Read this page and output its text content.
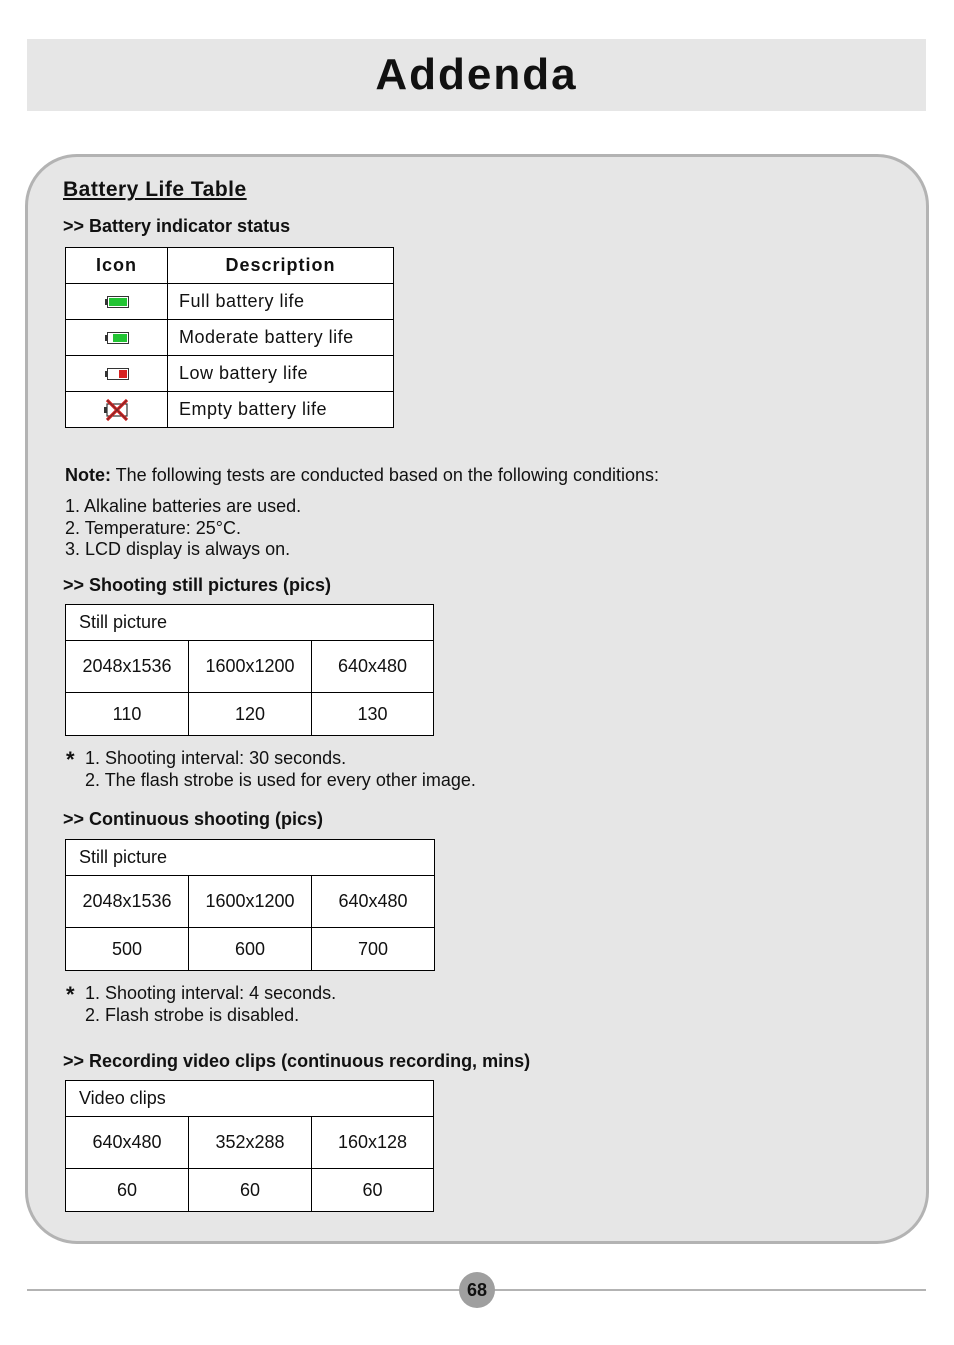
Addenda
Battery Life Table
>> Battery indicator status
Icon	Description

	Full battery life

	Moderate battery life

	Low battery life
	Empty battery life
Note: The following tests are conducted based on the following conditions:
1. Alkaline batteries are used.
2. Temperature: 25°C.
3. LCD display is always on.
>> Shooting still pictures (pics)
Still picture		
2048x1536	1600x1200	640x480
110	120	130
* 1. Shooting interval: 30 seconds.
2. The flash strobe is used for every other image.
>> Continuous shooting (pics)
Still picture		
2048x1536	1600x1200	640x480
500	600	700
* 1. Shooting interval: 4 seconds.
2. Flash strobe is disabled.
>> Recording video clips (continuous recording, mins)
Video clips		
640x480	352x288	160x128
60	60	60
68
